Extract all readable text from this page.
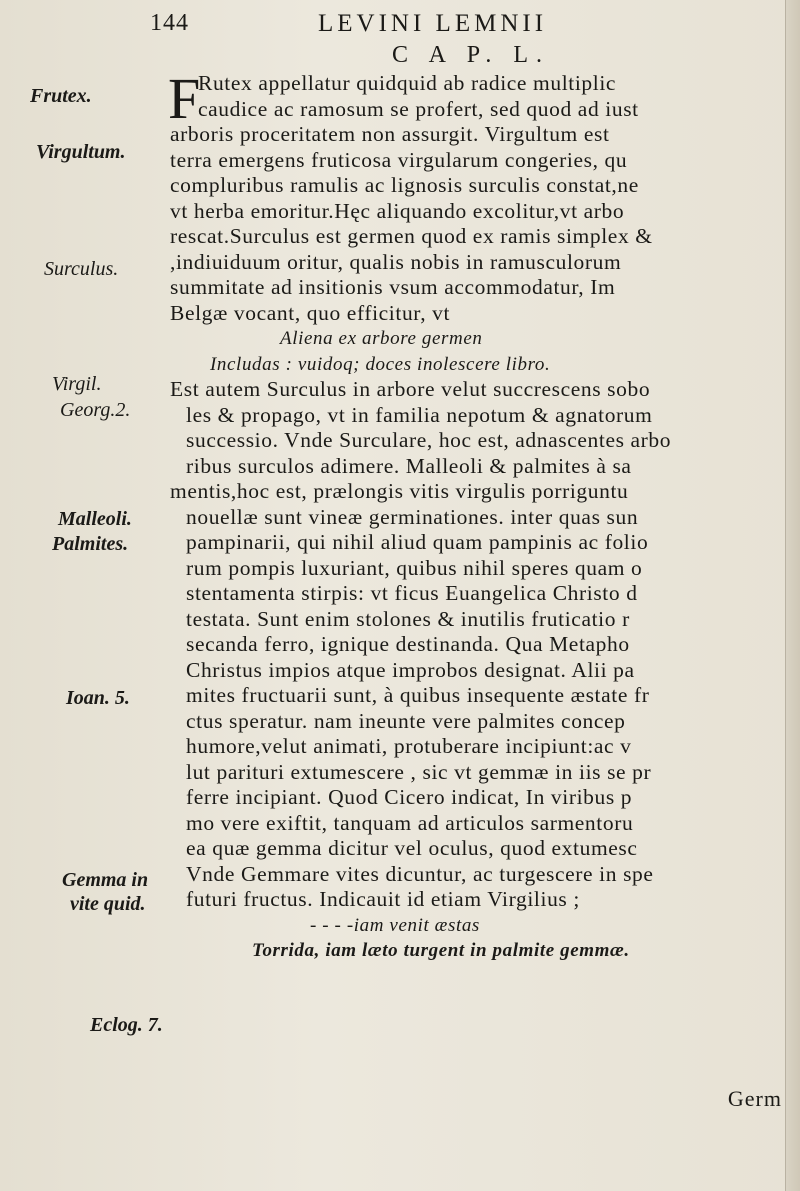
144	LEVINI LEMNII
C A P. L.
F
Rutex appellatur quidquid ab radice multiplic
caudice ac ramosum se profert, sed quod ad iust
arboris proceritatem non assurgit. Virgultum est
terra emergens fruticosa virgularum congeries, qu
compluribus ramulis ac lignosis surculis constat,ne
vt herba emoritur.Hęc aliquando excolitur,vt arbo
rescat.Surculus est germen quod ex ramis simplex &
,indiuiduum oritur, qualis nobis in ramusculorum
summitate ad insitionis vsum accommodatur, Im
Belgæ vocant, quo efficitur, vt
Aliena ex arbore germen
Includas : vuidoq; doces inolescere libro.
Est autem Surculus in arbore velut succrescens sobo
les & propago, vt in familia nepotum & agnatorum
successio. Vnde Surculare, hoc est, adnascentes arbo
ribus surculos adimere. Malleoli & palmites à sa
mentis,hoc est, prælongis vitis virgulis porriguntu
nouellæ sunt vineæ germinationes. inter quas sun
pampinarii, qui nihil aliud quam pampinis ac folio
rum pompis luxuriant, quibus nihil speres quam o
stentamenta stirpis: vt ficus Euangelica Christo d
testata. Sunt enim stolones & inutilis fruticatio r
secanda ferro, ignique destinanda. Qua Metapho
Christus impios atque improbos designat. Alii pa
mites fructuarii sunt, à quibus insequente æstate fr
ctus speratur. nam ineunte vere palmites concep
humore,velut animati, protuberare incipiunt:ac v
lut parituri extumescere , sic vt gemmæ in iis se pr
ferre incipiant. Quod Cicero indicat, In viribus p
mo vere exiftit, tanquam ad articulos sarmentoru
ea quæ gemma dicitur vel oculus, quod extumesc
Vnde Gemmare vites dicuntur, ac turgescere in spe
futuri fructus. Indicauit id etiam Virgilius ;
- - - -iam venit æstas
Torrida, iam læto turgent in palmite gemmæ.
Frutex.
Virgultum.
Surculus.
Virgil.
Georg.2.
Malleoli.
Palmites.
Ioan. 5.
Gemma in
vite quid.
Eclog. 7.
Germ
